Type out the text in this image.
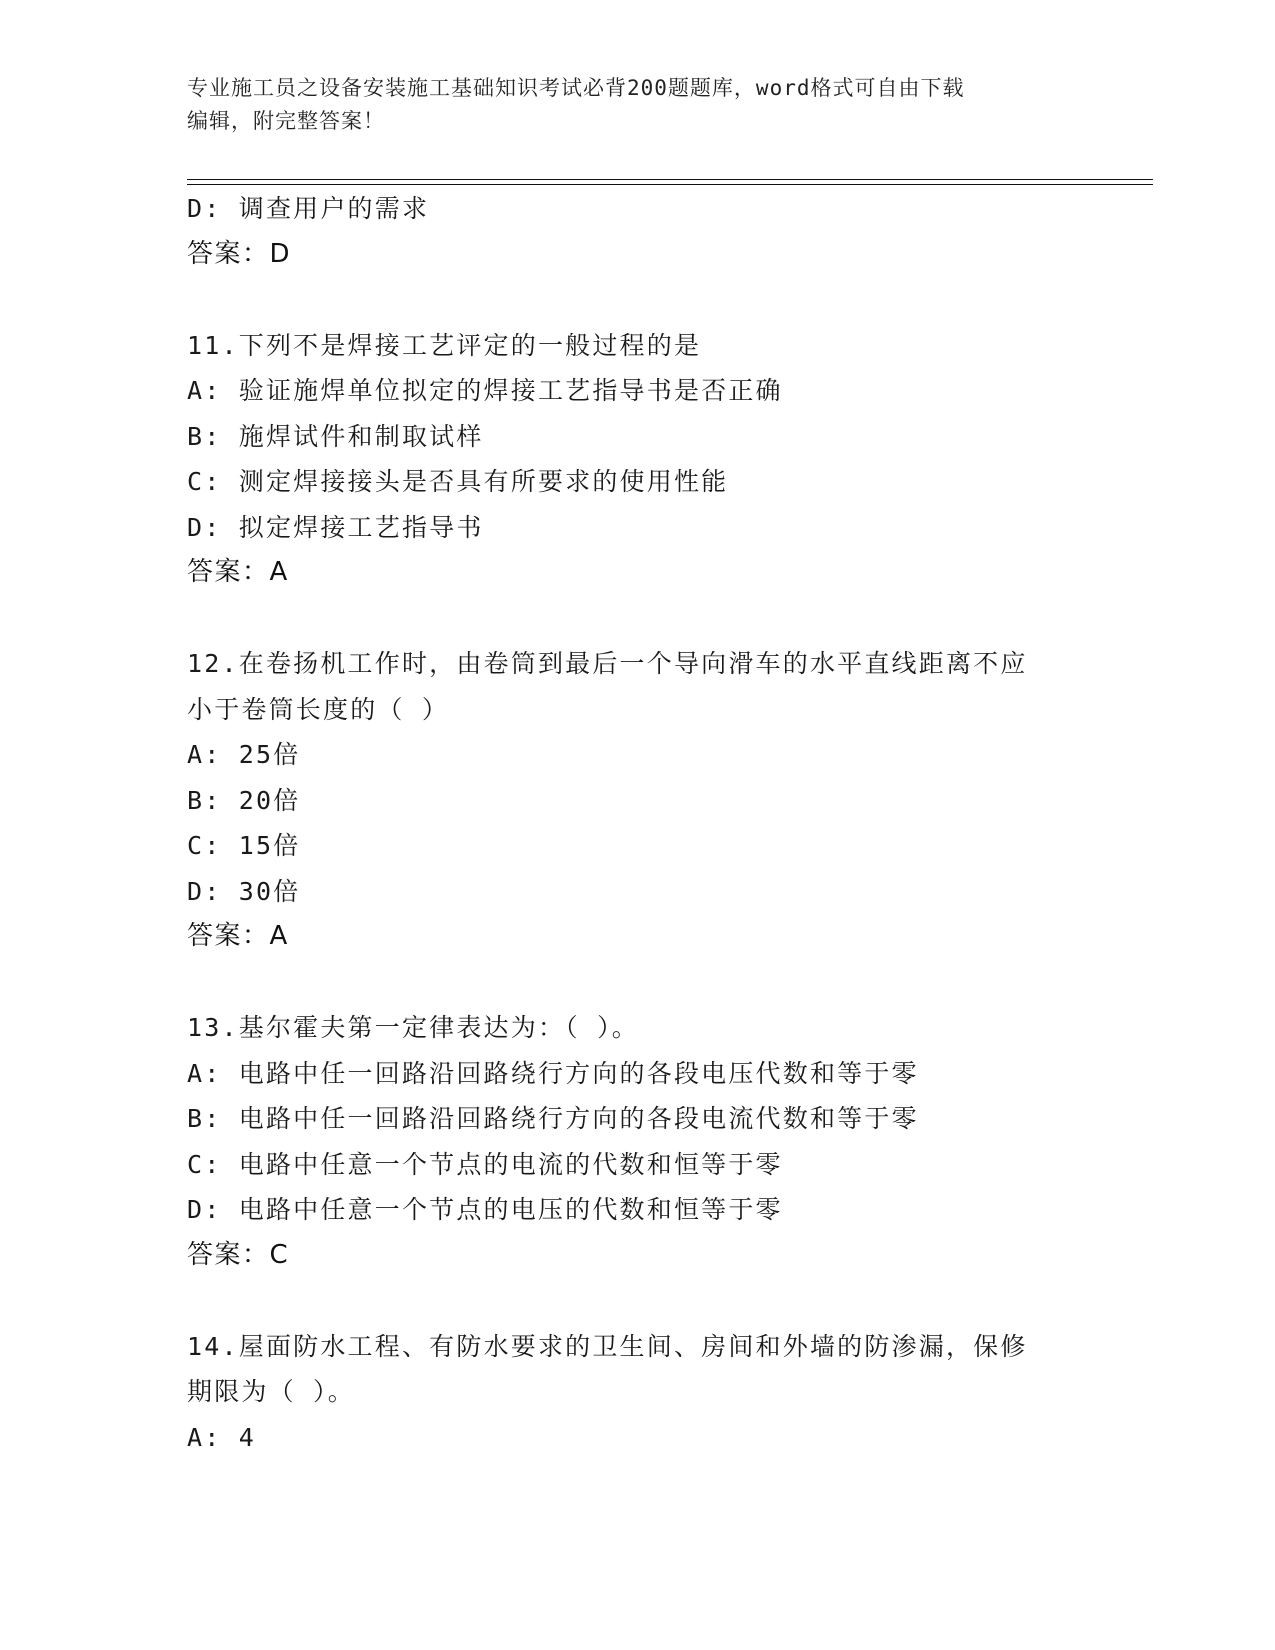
专业施工员之设备安装施工基础知识考试必背200题题库，word格式可自由下载
编辑，附完整答案！
D: 调查用户的需求
答案：D
11.下列不是焊接工艺评定的一般过程的是
A: 验证施焊单位拟定的焊接工艺指导书是否正确
B: 施焊试件和制取试样
C: 测定焊接接头是否具有所要求的使用性能
D: 拟定焊接工艺指导书
答案：A
12.在卷扬机工作时，由卷筒到最后一个导向滑车的水平直线距离不应
小于卷筒长度的（ ）
A: 25倍
B: 20倍
C: 15倍
D: 30倍
答案：A
13.基尔霍夫第一定律表达为：（ ）。
A: 电路中任一回路沿回路绕行方向的各段电压代数和等于零
B: 电路中任一回路沿回路绕行方向的各段电流代数和等于零
C: 电路中任意一个节点的电流的代数和恒等于零
D: 电路中任意一个节点的电压的代数和恒等于零
答案：C
14.屋面防水工程、有防水要求的卫生间、房间和外墙的防渗漏，保修
期限为（ ）。
A: 4
